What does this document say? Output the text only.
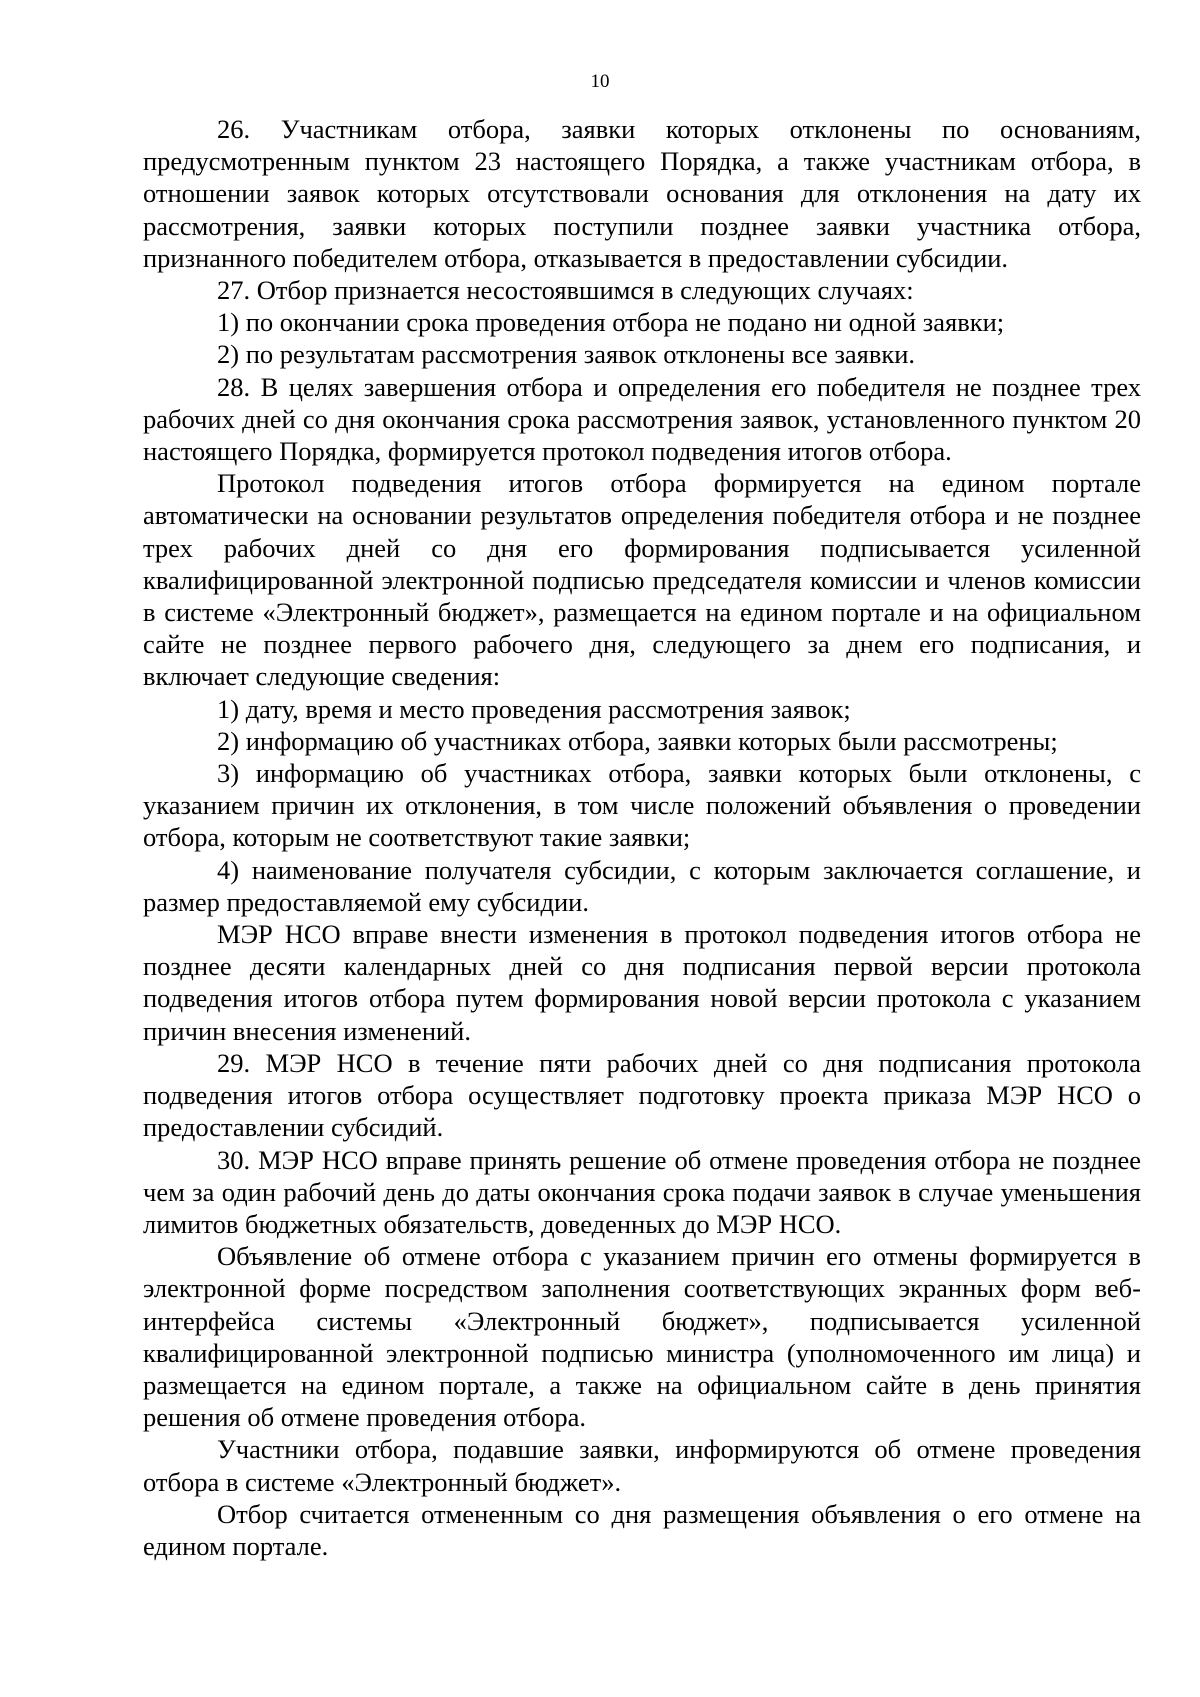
10

26. Участникам отбора, заявки которых отклонены по основаниям, предусмотренным пунктом 23 настоящего Порядка, а также участникам отбора, в отношении заявок которых отсутствовали основания для отклонения на дату их рассмотрения, заявки которых поступили позднее заявки участника отбора, признанного победителем отбора, отказывается в предоставлении субсидии.

27. Отбор признается несостоявшимся в следующих случаях:

1) по окончании срока проведения отбора не подано ни одной заявки;

2) по результатам рассмотрения заявок отклонены все заявки.

28. В целях завершения отбора и определения его победителя не позднее трех рабочих дней со дня окончания срока рассмотрения заявок, установленного пунктом 20 настоящего Порядка, формируется протокол подведения итогов отбора.

Протокол подведения итогов отбора формируется на едином портале автоматически на основании результатов определения победителя отбора и не позднее трех рабочих дней со дня его формирования подписывается усиленной квалифицированной электронной подписью председателя комиссии и членов комиссии в системе «Электронный бюджет», размещается на едином портале и на официальном сайте не позднее первого рабочего дня, следующего за днем его подписания, и включает следующие сведения:

1) дату, время и место проведения рассмотрения заявок;

2) информацию об участниках отбора, заявки которых были рассмотрены;

3) информацию об участниках отбора, заявки которых были отклонены, с указанием причин их отклонения, в том числе положений объявления о проведении отбора, которым не соответствуют такие заявки;

4) наименование получателя субсидии, с которым заключается соглашение, и размер предоставляемой ему субсидии.

МЭР НСО вправе внести изменения в протокол подведения итогов отбора не позднее десяти календарных дней со дня подписания первой версии протокола подведения итогов отбора путем формирования новой версии протокола с указанием причин внесения изменений.

29. МЭР НСО в течение пяти рабочих дней со дня подписания протокола подведения итогов отбора осуществляет подготовку проекта приказа МЭР НСО о предоставлении субсидий.

30. МЭР НСО вправе принять решение об отмене проведения отбора не позднее чем за один рабочий день до даты окончания срока подачи заявок в случае уменьшения лимитов бюджетных обязательств, доведенных до МЭР НСО.

Объявление об отмене отбора с указанием причин его отмены формируется в электронной форме посредством заполнения соответствующих экранных форм веб-интерфейса системы «Электронный бюджет», подписывается усиленной квалифицированной электронной подписью министра (уполномоченного им лица) и размещается на едином портале, а также на официальном сайте в день принятия решения об отмене проведения отбора.

Участники отбора, подавшие заявки, информируются об отмене проведения отбора в системе «Электронный бюджет».

Отбор считается отмененным со дня размещения объявления о его отмене на едином портале.
